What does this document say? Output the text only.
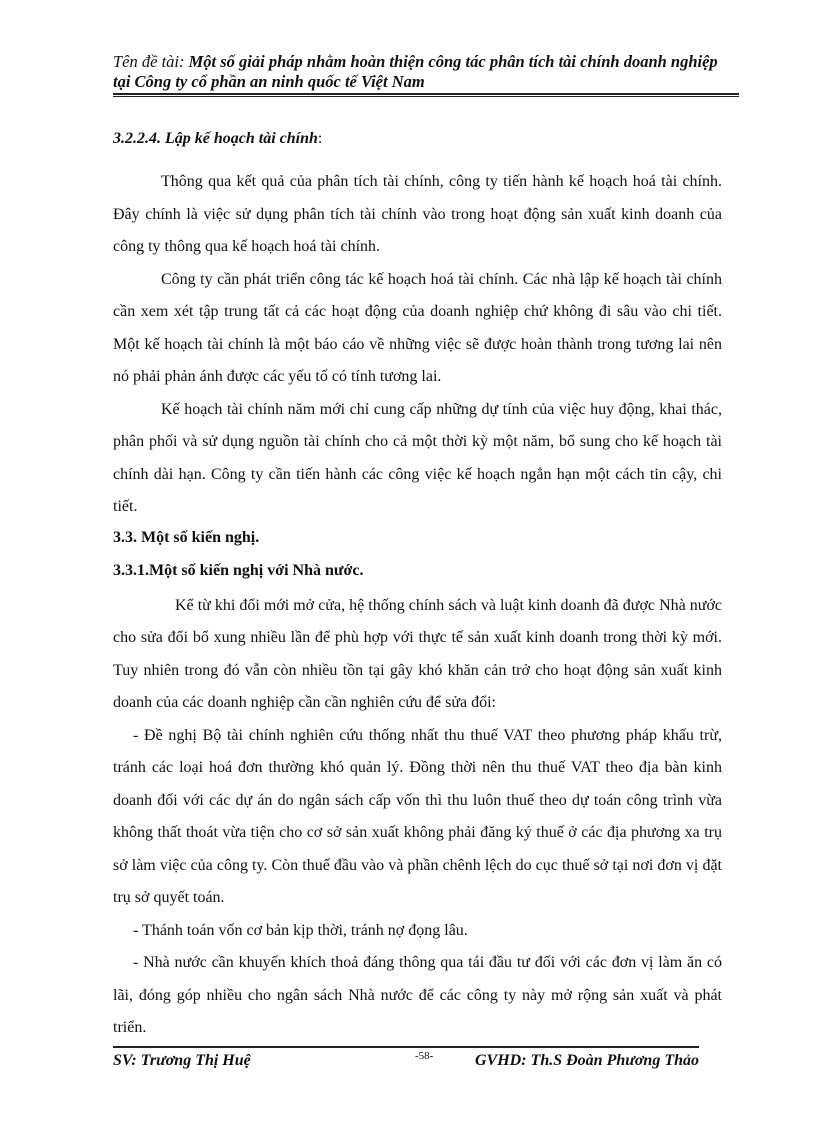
Tên đề tài: Một số giải pháp nhằm hoàn thiện công tác phân tích tài chính doanh nghiệp tại Công ty cổ phần an ninh quốc tế Việt Nam

3.2.2.4. Lập kế hoạch tài chính:

Thông qua kết quả của phân tích tài chính, công ty tiến hành kế hoạch hoá tài chính. Đây chính là việc sử dụng phân tích tài chính vào trong hoạt động sản xuất kinh doanh của công ty thông qua kế hoạch hoá tài chính.

Công ty cần phát triển công tác kế hoạch hoá tài chính. Các nhà lập kế hoạch tài chính cần xem xét tập trung tất cả các hoạt động của doanh nghiệp chứ không đi sâu vào chi tiết. Một kế hoạch tài chính là một báo cáo về những việc sẽ được hoàn thành trong tương lai nên nó phải phản ánh được các yếu tố có tính tương lai.

Kế hoạch tài chính năm mới chỉ cung cấp những dự tính của việc huy động, khai thác, phân phối và sử dụng nguồn tài chính cho cả một thời kỳ một năm, bổ sung cho kế hoạch tài chính dài hạn. Công ty cần tiến hành các công việc kế hoạch ngắn hạn một cách tin cậy, chi tiết.

3.3. Một số kiến nghị.

3.3.1.Một số kiến nghị với Nhà nước.

Kể từ khi đổi mới mở cửa, hệ thống chính sách và luật kinh doanh đã được Nhà nước cho sửa đổi bổ xung nhiều lần để phù hợp với thực tế sản xuất kinh doanh trong thời kỳ mới. Tuy nhiên trong đó vẫn còn nhiều tồn tại gây khó khăn cản trở cho hoạt động sản xuất kinh doanh của các doanh nghiệp cần cần nghiên cứu để sửa đổi:

- Đề nghị Bộ tài chính nghiên cứu thống nhất thu thuế VAT theo phương pháp khấu trừ, tránh các loại hoá đơn thường khó quản lý. Đồng thời nên thu thuế VAT theo địa bàn kinh doanh đối với các dự án do ngân sách cấp vốn thì thu luôn thuế theo dự toán công trình vừa không thất thoát vừa tiện cho cơ sở sản xuất không phải đăng ký thuế ở các địa phương xa trụ sở làm việc của công ty. Còn thuế đầu vào và phần chênh lệch do cục thuế sở tại nơi đơn vị đặt trụ sở quyết toán.

- Thánh toán vốn cơ bản kịp thời, tránh nợ đọng lâu.

- Nhà nước cần khuyến khích thoả đáng thông qua tái đầu tư đối với các đơn vị làm ăn có lãi, đóng góp nhiều cho ngân sách Nhà nước để các công ty này mở rộng sản xuất và phát triển.

SV: Trương Thị Huệ	-58-	GVHD: Th.S Đoàn Phương Thảo
